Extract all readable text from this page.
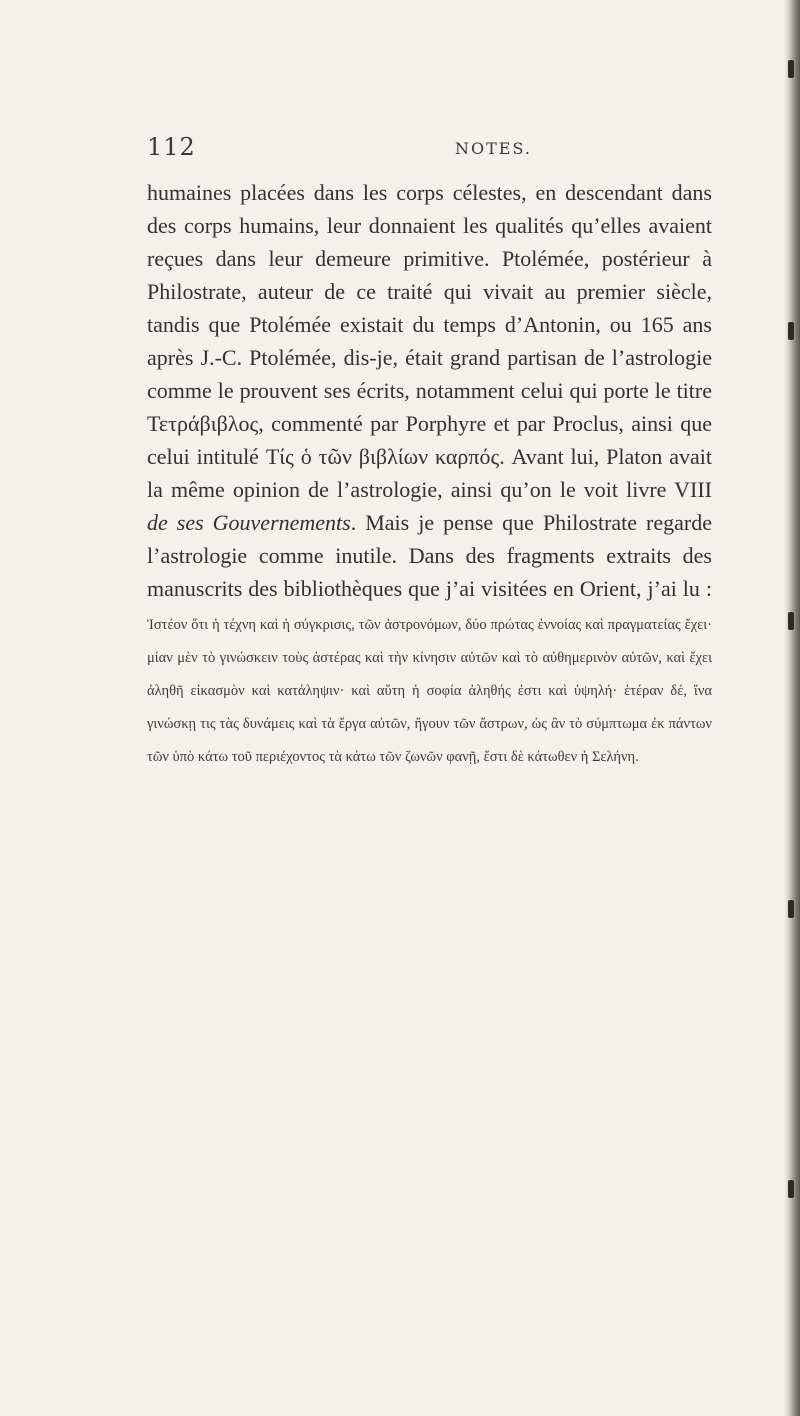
112	NOTES.

humaines placées dans les corps célestes, en descendant dans des corps humains, leur donnaient les qualités qu’elles avaient reçues dans leur demeure primitive. Ptolémée, postérieur à Philostrate, auteur de ce traité qui vivait au premier siècle, tandis que Ptolémée existait du temps d’Antonin, ou 165 ans après J.-C. Ptolémée, dis-je, était grand partisan de l’astrologie comme le prouvent ses écrits, notamment celui qui porte le titre Τετράβιβλος, commenté par Porphyre et par Proclus, ainsi que celui intitulé Τίς ὁ τῶν βιβλίων καρπός. Avant lui, Platon avait la même opinion de l’astrologie, ainsi qu’on le voit livre VIII de ses Gouvernements. Mais je pense que Philostrate regarde l’astrologie comme inutile. Dans des fragments extraits des manuscrits des bibliothèques que j’ai visitées en Orient, j’ai lu : Ἰστέον ὅτι ἡ τέχνη καὶ ἡ σύγκρισις, τῶν ἀστρονόμων, δύο πρώτας ἐννοίας καὶ πραγματείας ἔχει· μίαν μὲν τὸ γινώσκειν τοὺς ἀστέρας καὶ τὴν κίνησιν αὐτῶν καὶ τὸ αὐθημερινὸν αὐτῶν, καὶ ἔχει ἀληθῆ εἰκασμὸν καὶ κατάληψιν· καὶ αὕτη ἡ σοφία ἀληθής ἐστι καὶ ὑψηλή· ἑτέραν δέ, ἵνα γινώσκῃ τις τὰς δυνάμεις καὶ τὰ ἔργα αὐτῶν, ἤγουν τῶν ἄστρων, ὡς ἂν τὸ σύμπτωμα ἐκ πάντων τῶν ὑπὸ κάτω τοῦ περιέχοντος τὰ κάτω τῶν ζωνῶν φανῇ, ἔστι δὲ κάτωθεν ἡ Σελήνη.
